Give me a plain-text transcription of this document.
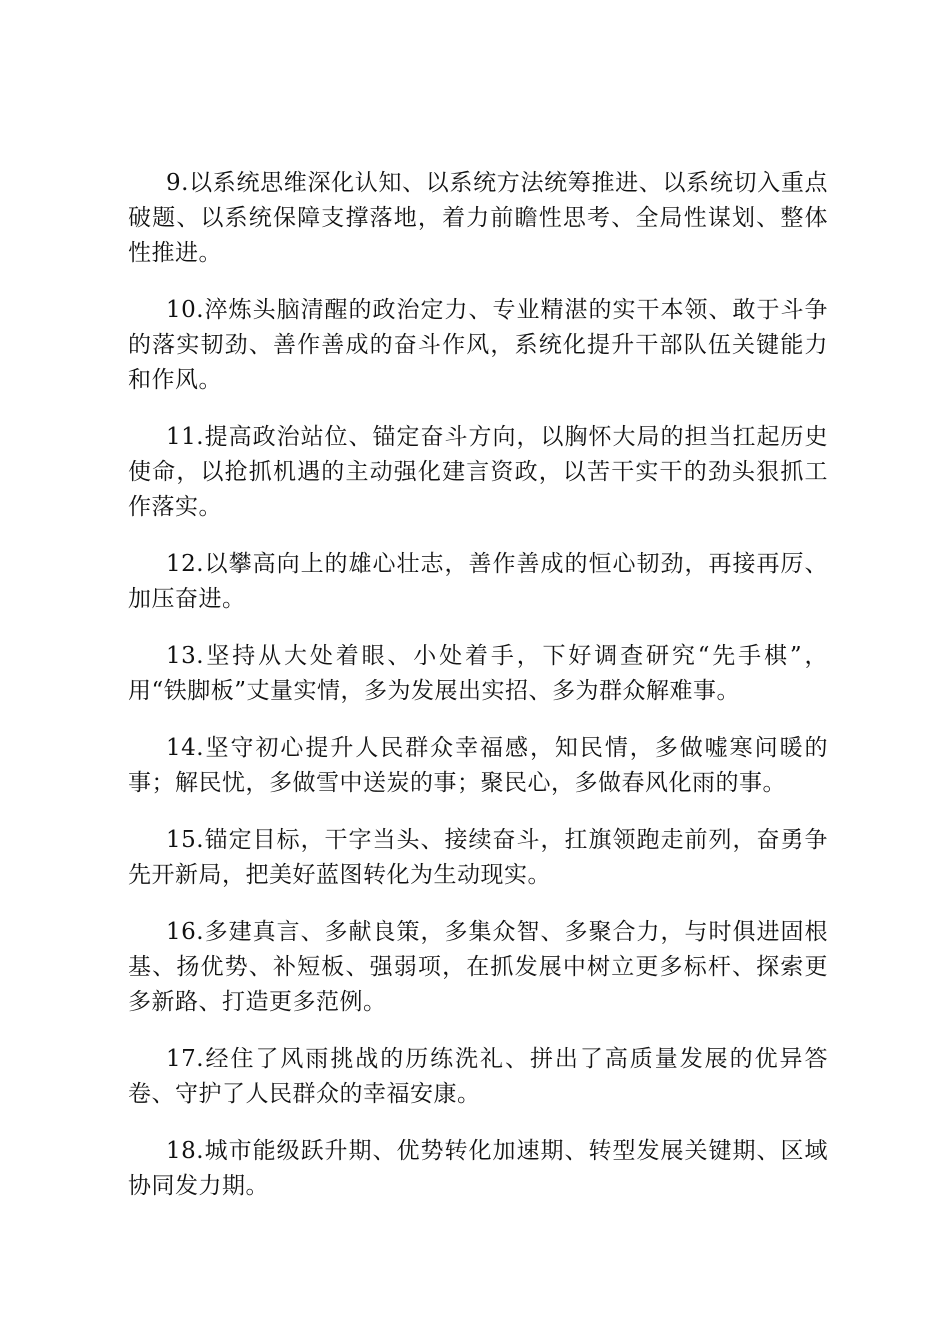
9.以系统思维深化认知、以系统方法统筹推进、以系统切入重点破题、以系统保障支撑落地，着力前瞻性思考、全局性谋划、整体性推进。

10.淬炼头脑清醒的政治定力、专业精湛的实干本领、敢于斗争的落实韧劲、善作善成的奋斗作风，系统化提升干部队伍关键能力和作风。

11.提高政治站位、锚定奋斗方向，以胸怀大局的担当扛起历史使命，以抢抓机遇的主动强化建言资政，以苦干实干的劲头狠抓工作落实。

12.以攀高向上的雄心壮志，善作善成的恒心韧劲，再接再厉、加压奋进。

13.坚持从大处着眼、小处着手，下好调查研究“先手棋”，用“铁脚板”丈量实情，多为发展出实招、多为群众解难事。

14.坚守初心提升人民群众幸福感，知民情，多做嘘寒问暖的事；解民忧，多做雪中送炭的事；聚民心，多做春风化雨的事。

15.锚定目标，干字当头、接续奋斗，扛旗领跑走前列，奋勇争先开新局，把美好蓝图转化为生动现实。

16.多建真言、多献良策，多集众智、多聚合力，与时俱进固根基、扬优势、补短板、强弱项，在抓发展中树立更多标杆、探索更多新路、打造更多范例。

17.经住了风雨挑战的历练洗礼、拼出了高质量发展的优异答卷、守护了人民群众的幸福安康。

18.城市能级跃升期、优势转化加速期、转型发展关键期、区域协同发力期。
